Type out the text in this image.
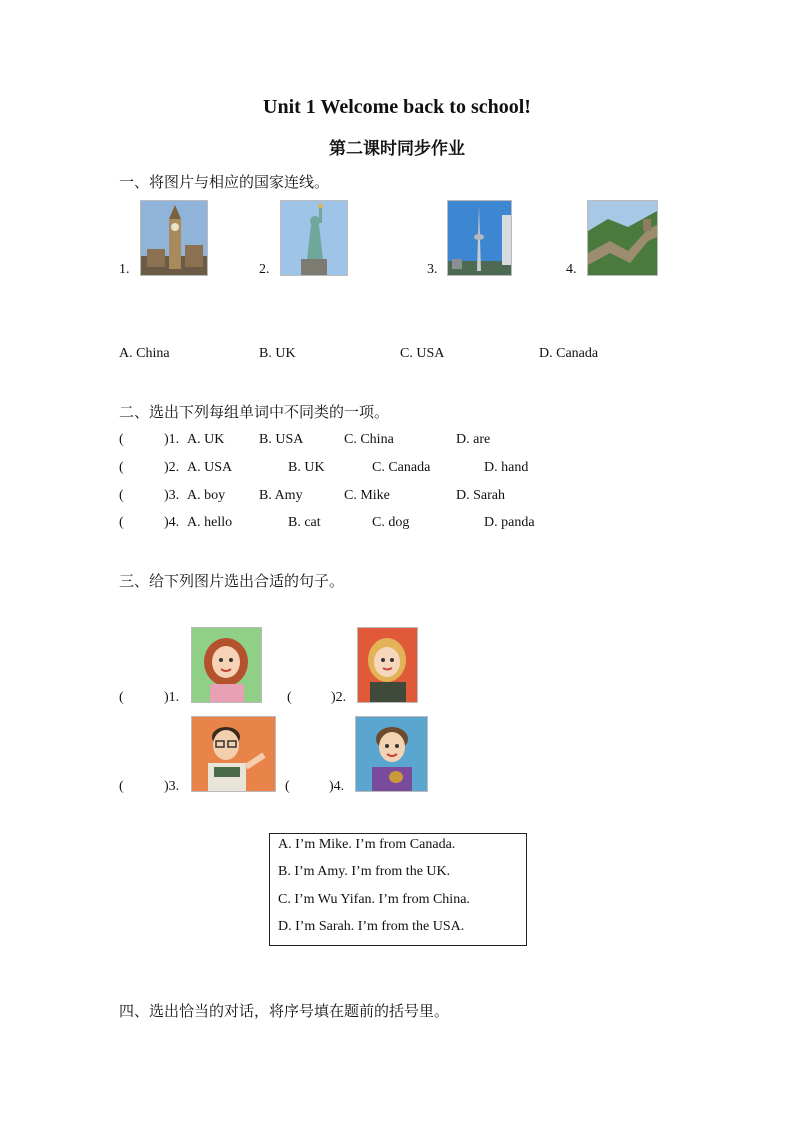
Unit 1 Welcome back to school!
第二课时同步作业
一、将图片与相应的国家连线。
1.	2.	3.	4.
A. China	B. UK	C. USA	D. Canada
二、选出下列每组单词中不同类的一项。
(	)1. A. UK B. USA	C. China	D. are
(	)2. A. USA	B. UK	C. Canada	D. hand
(	)3. A. boy B. Amy	C. Mike	D. Sarah
(	)4. A. hello	B. cat	C. dog	D. panda
三、给下列图片选出合适的句子。
(	)1.	(	)2.
(	)3.	(	)4.
A. I’m Mike. I’m from Canada.
B. I’m Amy. I’m from the UK.
C. I’m Wu Yifan. I’m from China.
D. I’m Sarah. I’m from the USA.
四、选出恰当的对话，将序号填在题前的括号里。
